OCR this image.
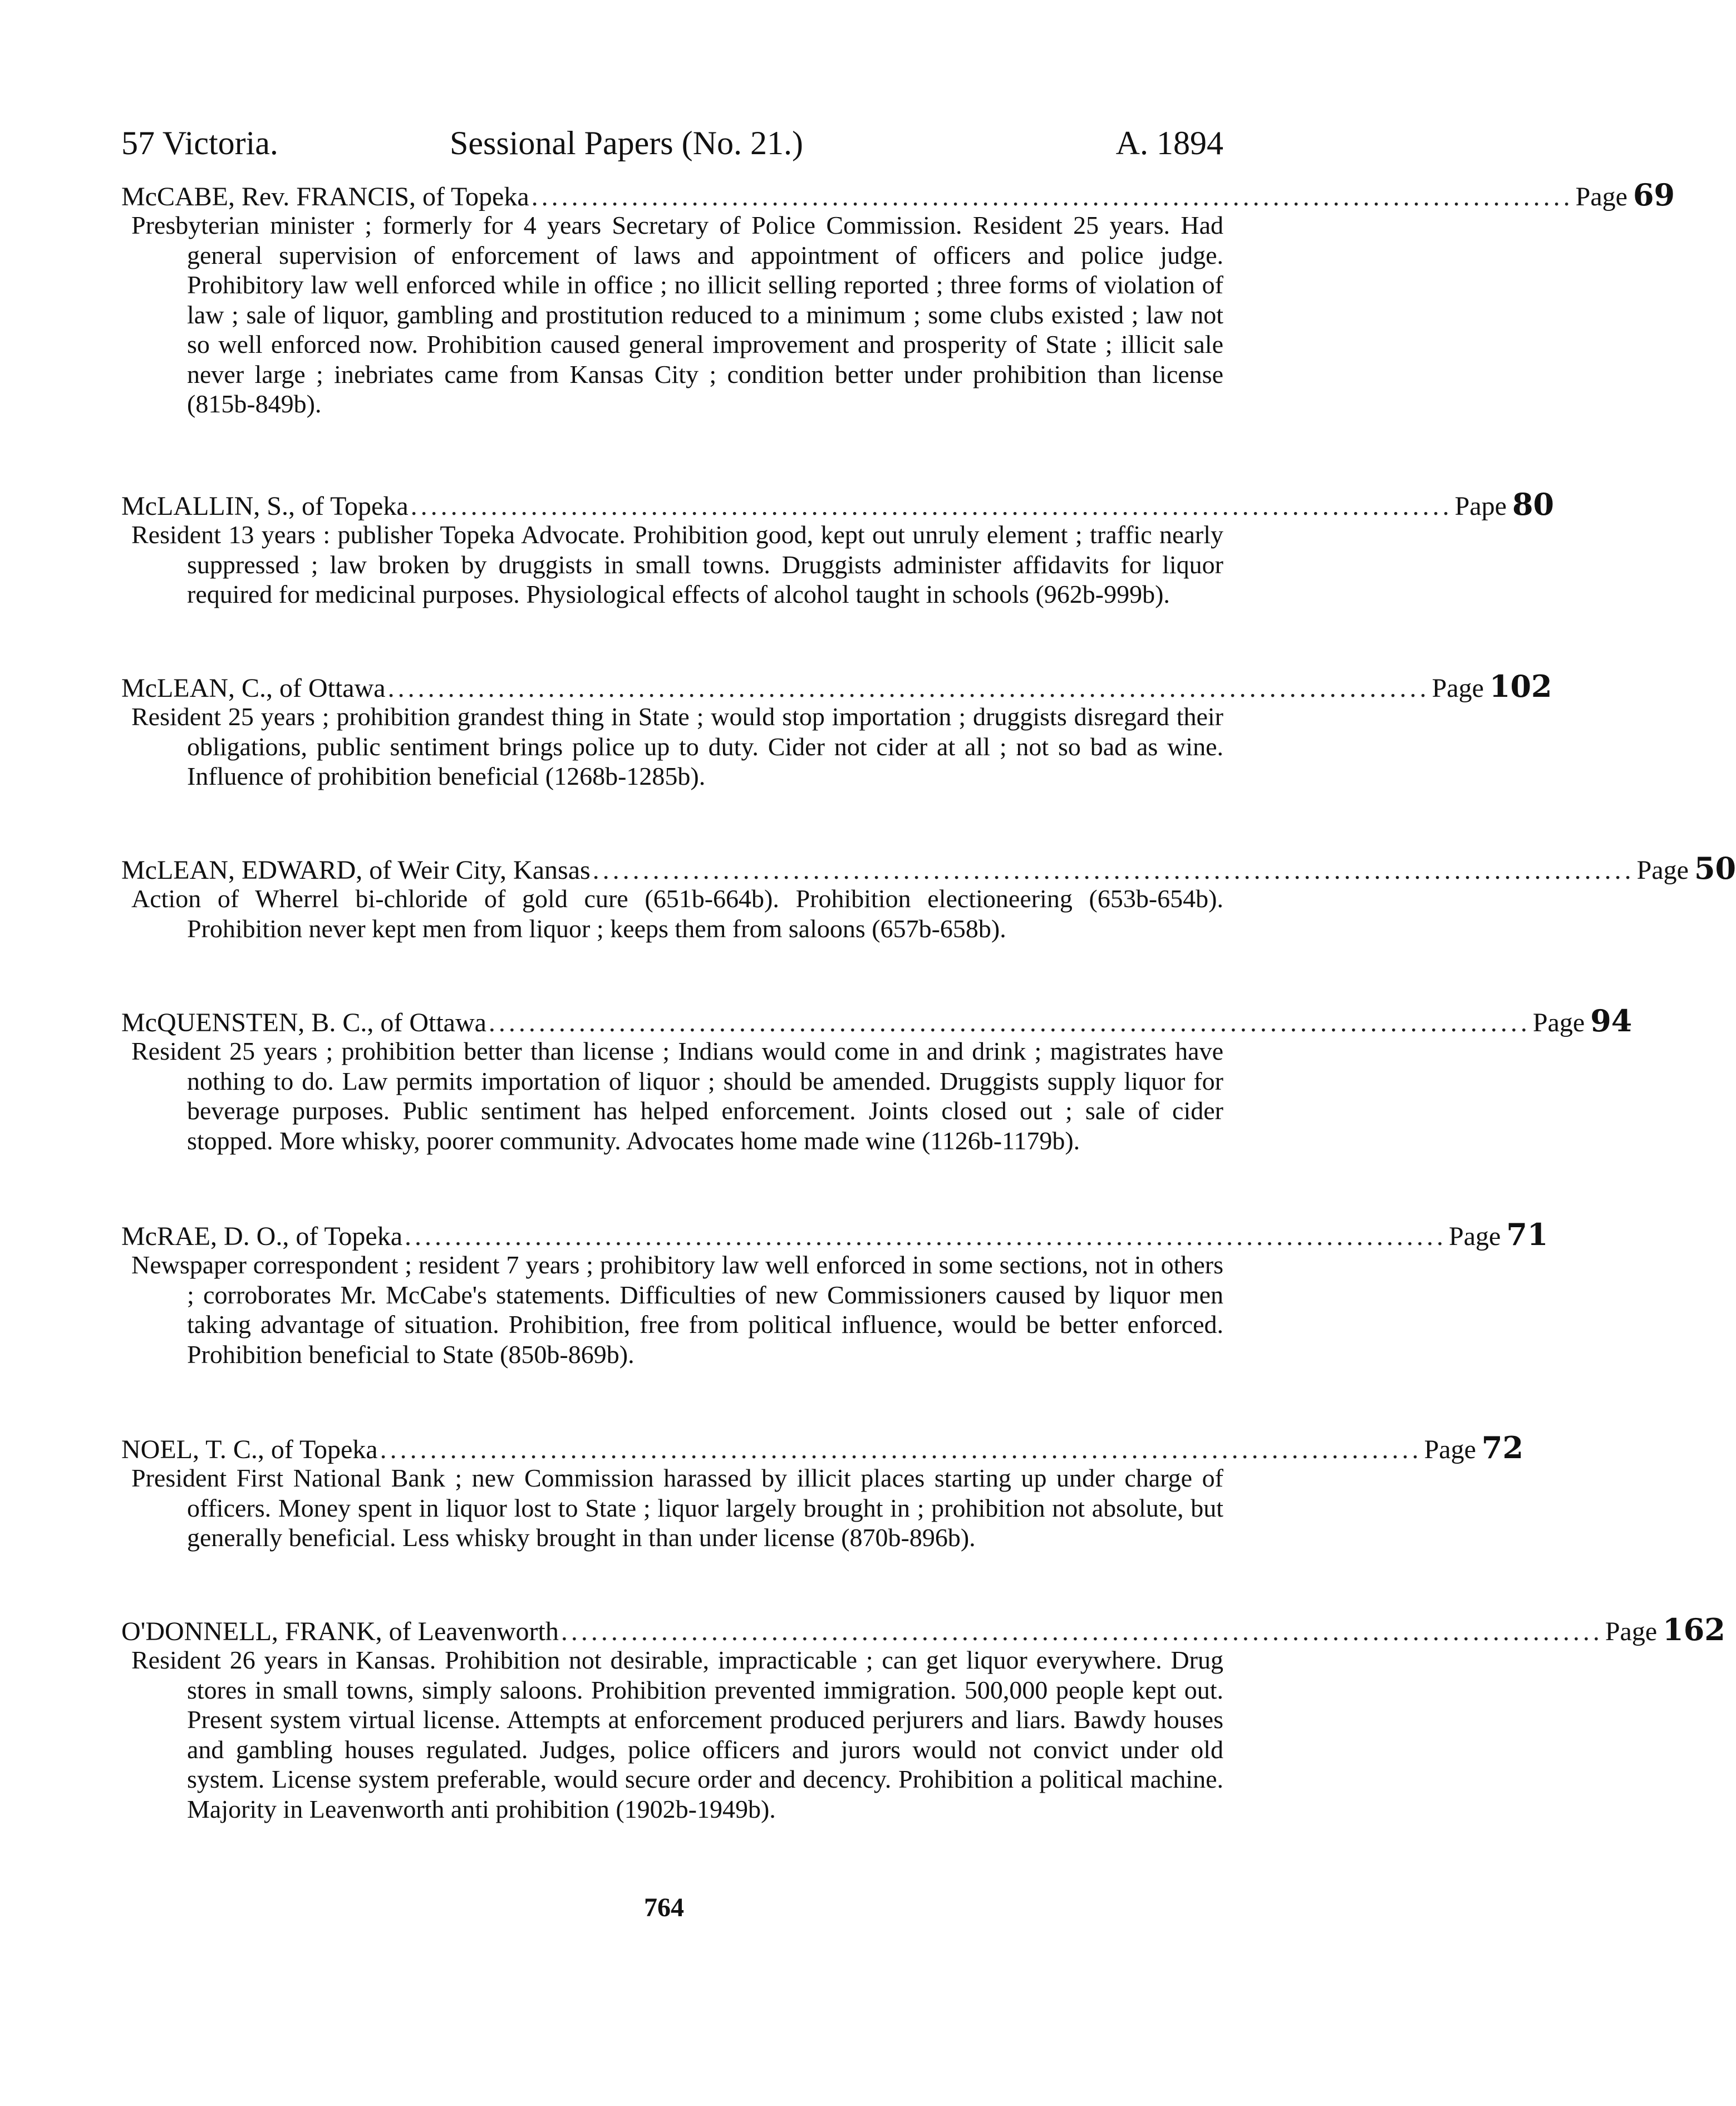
57 Victoria.	Sessional Papers (No. 21.)	A. 1894
McCABE, Rev. FRANCIS, of Topeka ........................................................................................................ Page 69
Presbyterian minister ; formerly for 4 years Secretary of Police Commission. Resident 25 years. Had general supervision of enforcement of laws and appointment of officers and police judge. Prohibitory law well enforced while in office ; no illicit selling reported ; three forms of violation of law ; sale of liquor, gambling and prostitution reduced to a minimum ; some clubs existed ; law not so well enforced now. Prohibition caused general improvement and prosperity of State ; illicit sale never large ; inebriates came from Kansas City ; condition better under prohibition than license (815b-849b).
McLALLIN, S., of Topeka ........................................................................................................ Pape 80
Resident 13 years : publisher Topeka Advocate. Prohibition good, kept out unruly element ; traffic nearly suppressed ; law broken by druggists in small towns. Druggists administer affidavits for liquor required for medicinal purposes. Physiological effects of alcohol taught in schools (962b-999b).
McLEAN, C., of Ottawa ........................................................................................................ Page 102
Resident 25 years ; prohibition grandest thing in State ; would stop importation ; druggists disregard their obligations, public sentiment brings police up to duty. Cider not cider at all ; not so bad as wine. Influence of prohibition beneficial (1268b-1285b).
McLEAN, EDWARD, of Weir City, Kansas ........................................................................................................ Page 50
Action of Wherrel bi-chloride of gold cure (651b-664b). Prohibition electioneering (653b-654b). Prohibition never kept men from liquor ; keeps them from saloons (657b-658b).
McQUENSTEN, B. C., of Ottawa ........................................................................................................ Page 94
Resident 25 years ; prohibition better than license ; Indians would come in and drink ; magistrates have nothing to do. Law permits importation of liquor ; should be amended. Druggists supply liquor for beverage purposes. Public sentiment has helped enforcement. Joints closed out ; sale of cider stopped. More whisky, poorer community. Advocates home made wine (1126b-1179b).
McRAE, D. O., of Topeka ........................................................................................................ Page 71
Newspaper correspondent ; resident 7 years ; prohibitory law well enforced in some sections, not in others ; corroborates Mr. McCabe's statements. Difficulties of new Commissioners caused by liquor men taking advantage of situation. Prohibition, free from political influence, would be better enforced. Prohibition beneficial to State (850b-869b).
NOEL, T. C., of Topeka ........................................................................................................ Page 72
President First National Bank ; new Commission harassed by illicit places starting up under charge of officers. Money spent in liquor lost to State ; liquor largely brought in ; prohibition not absolute, but generally beneficial. Less whisky brought in than under license (870b-896b).
O'DONNELL, FRANK, of Leavenworth ........................................................................................................ Page 162
Resident 26 years in Kansas. Prohibition not desirable, impracticable ; can get liquor everywhere. Drug stores in small towns, simply saloons. Prohibition prevented immigration. 500,000 people kept out. Present system virtual license. Attempts at enforcement produced perjurers and liars. Bawdy houses and gambling houses regulated. Judges, police officers and jurors would not convict under old system. License system preferable, would secure order and decency. Prohibition a political machine. Majority in Leavenworth anti prohibition (1902b-1949b).
764
